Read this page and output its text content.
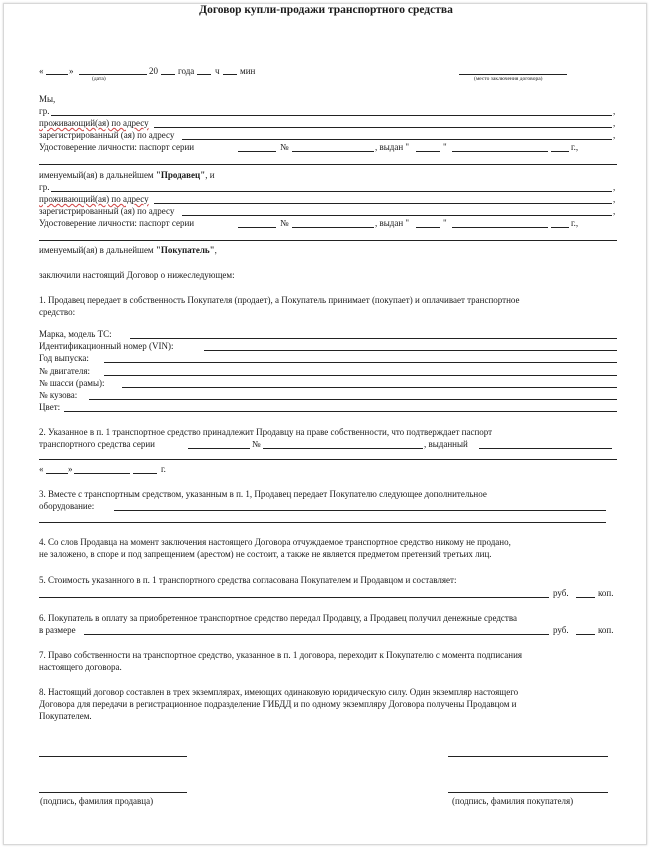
Договор купли-продажи транспортного средства
«	»	20 года ч мин
(дата)	(место заключения договора)
Мы,
гр.	,
проживающий(ая) по адресу	,
зарегистрированный (ая) по адресу	,
Удостоверение личности: паспорт серии	№	, выдан "	"	г.,
именуемый(ая) в дальнейшем "Продавец", и
гр.	,
проживающий(ая) по адресу	,
зарегистрированный (ая) по адресу	,
Удостоверение личности: паспорт серии	№	, выдан "	"	г.,
именуемый(ая) в дальнейшем "Покупатель",
заключили настоящий Договор о нижеследующем:
1. Продавец передает в собственность Покупателя (продает), а Покупатель принимает (покупает) и оплачивает транспортное
средство:
Марка, модель ТС:
Идентификационный номер (VIN):
Год выпуска:
№ двигателя:
№ шасси (рамы):
№ кузова:
Цвет:
2. Указанное в п. 1 транспортное средство принадлежит Продавцу на праве собственности, что подтверждает паспорт
транспортного средства серии	№	, выданный
«	»	г.
3. Вместе с транспортным средством, указанным в п. 1, Продавец передает Покупателю следующее дополнительное
оборудование:
4. Со слов Продавца на момент заключения настоящего Договора отчуждаемое транспортное средство никому не продано,
не заложено, в споре и под запрещением (арестом) не состоит, а также не является предметом претензий третьих лиц.
5. Стоимость указанного в п. 1 транспортного средства согласована Покупателем и Продавцом и составляет:
руб.	коп.
6. Покупатель в оплату за приобретенное транспортное средство передал Продавцу, а Продавец получил денежные средства
в размере	руб.	коп.
7. Право собственности на транспортное средство, указанное в п. 1 договора, переходит к Покупателю с момента подписания
настоящего договора.
8. Настоящий договор составлен в трех экземплярах, имеющих одинаковую юридическую силу. Один экземпляр настоящего
Договора для передачи в регистрационное подразделение ГИБДД и по одному экземпляру Договора получены Продавцом и
Покупателем.
(подпись, фамилия продавца)	(подпись, фамилия покупателя)
